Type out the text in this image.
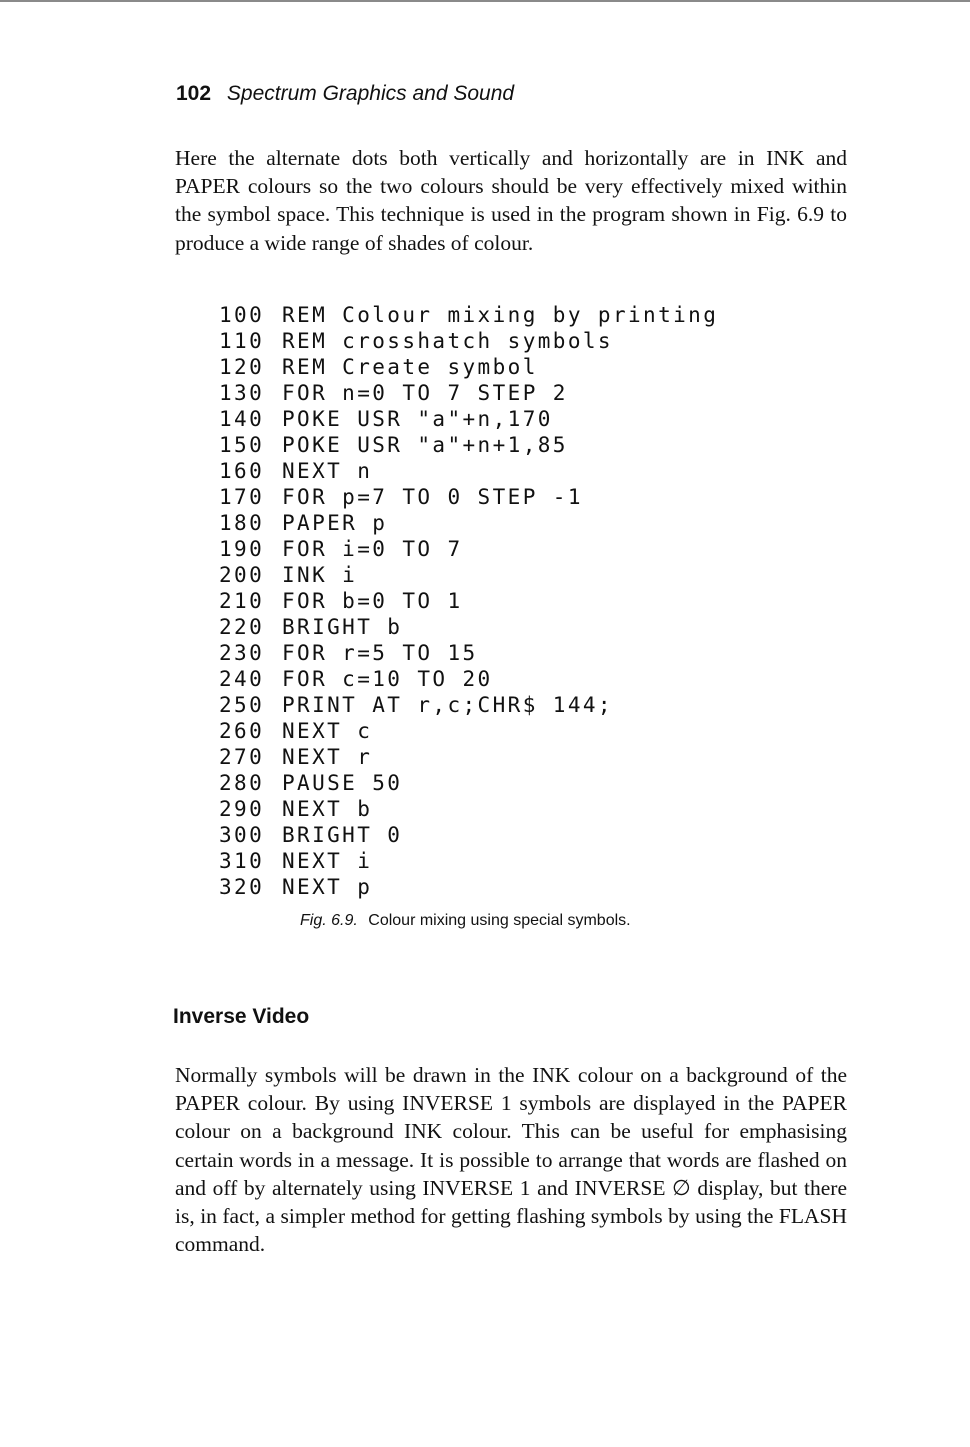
102 Spectrum Graphics and Sound

Here the alternate dots both vertically and horizontally are in INK and PAPER colours so the two colours should be very effectively mixed within the symbol space. This technique is used in the program shown in Fig. 6.9 to produce a wide range of shades of colour.

100 REM Colour mixing by printing
110 REM crosshatch symbols
120 REM Create symbol
130 FOR n=0 TO 7 STEP 2
140 POKE USR "a"+n,170
150 POKE USR "a"+n+1,85
160 NEXT n
170 FOR p=7 TO 0 STEP -1
180 PAPER p
190 FOR i=0 TO 7
200 INK i
210 FOR b=0 TO 1
220 BRIGHT b
230 FOR r=5 TO 15
240 FOR c=10 TO 20
250 PRINT AT r,c;CHR$ 144;
260 NEXT c
270 NEXT r
280 PAUSE 50
290 NEXT b
300 BRIGHT 0
310 NEXT i
320 NEXT p
Fig. 6.9. Colour mixing using special symbols.
Inverse Video

Normally symbols will be drawn in the INK colour on a background of the PAPER colour. By using INVERSE 1 symbols are displayed in the PAPER colour on a background INK colour. This can be useful for emphasising certain words in a message. It is possible to arrange that words are flashed on and off by alternately using INVERSE 1 and INVERSE ∅ display, but there is, in fact, a simpler method for getting flashing symbols by using the FLASH command.
